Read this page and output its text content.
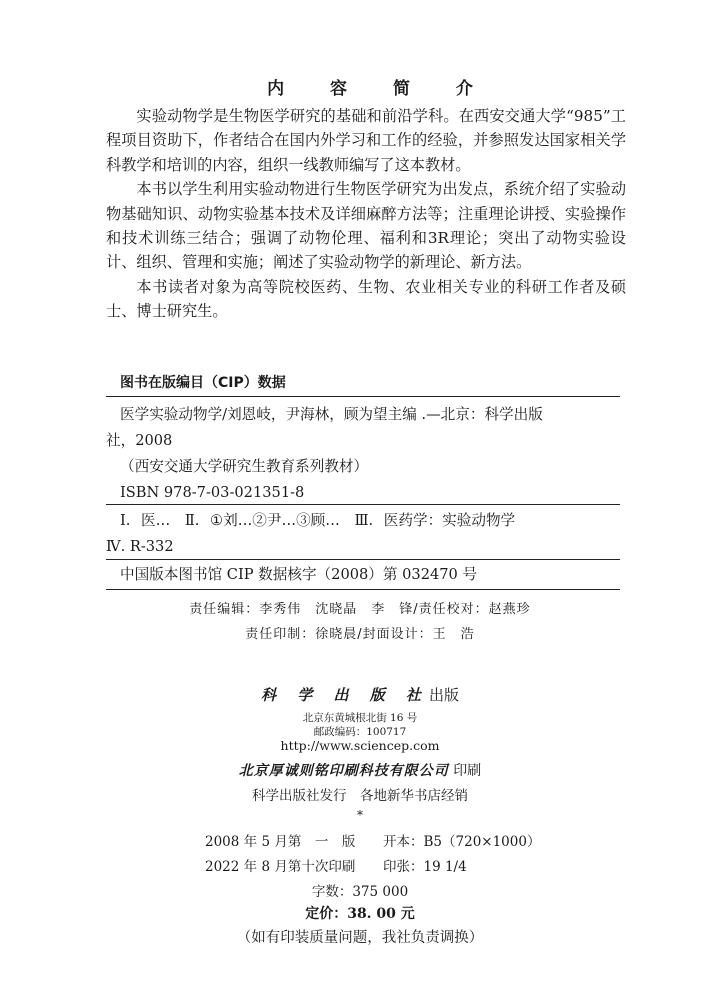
内 容 简 介

实验动物学是生物医学研究的基础和前沿学科。在西安交通大学“985”工程项目资助下，作者结合在国内外学习和工作的经验，并参照发达国家相关学科教学和培训的内容，组织一线教师编写了这本教材。

本书以学生利用实验动物进行生物医学研究为出发点，系统介绍了实验动物基础知识、动物实验基本技术及详细麻醉方法等；注重理论讲授、实验操作和技术训练三结合；强调了动物伦理、福利和3R理论；突出了动物实验设计、组织、管理和实施；阐述了实验动物学的新理论、新方法。

本书读者对象为高等院校医药、生物、农业相关专业的科研工作者及硕士、博士研究生。

图书在版编目（CIP）数据
医学实验动物学/刘恩岐，尹海林，顾为望主编 .—北京：科学出版
社，2008
（西安交通大学研究生教育系列教材）
ISBN 978-7-03-021351-8
Ⅰ. 医…　Ⅱ. ①刘…②尹…③顾…　Ⅲ. 医药学：实验动物学
Ⅳ. R-332
中国版本图书馆 CIP 数据核字（2008）第 032470 号
责任编辑：李秀伟　沈晓晶　李　锋/责任校对：赵燕珍
责任印制：徐晓晨/封面设计：王　浩
科 学 出 版 社出版
北京东黄城根北街 16 号
邮政编码：100717
http://www.sciencep.com
北京厚诚则铭印刷科技有限公司 印刷
科学出版社发行　各地新华书店经销
*
2008 年 5 月第　一　版 开本：B5（720×1000）
2022 年 8 月第十次印刷 印张：19 1/4
字数：375 000
定价：38. 00 元
（如有印装质量问题，我社负责调换）
